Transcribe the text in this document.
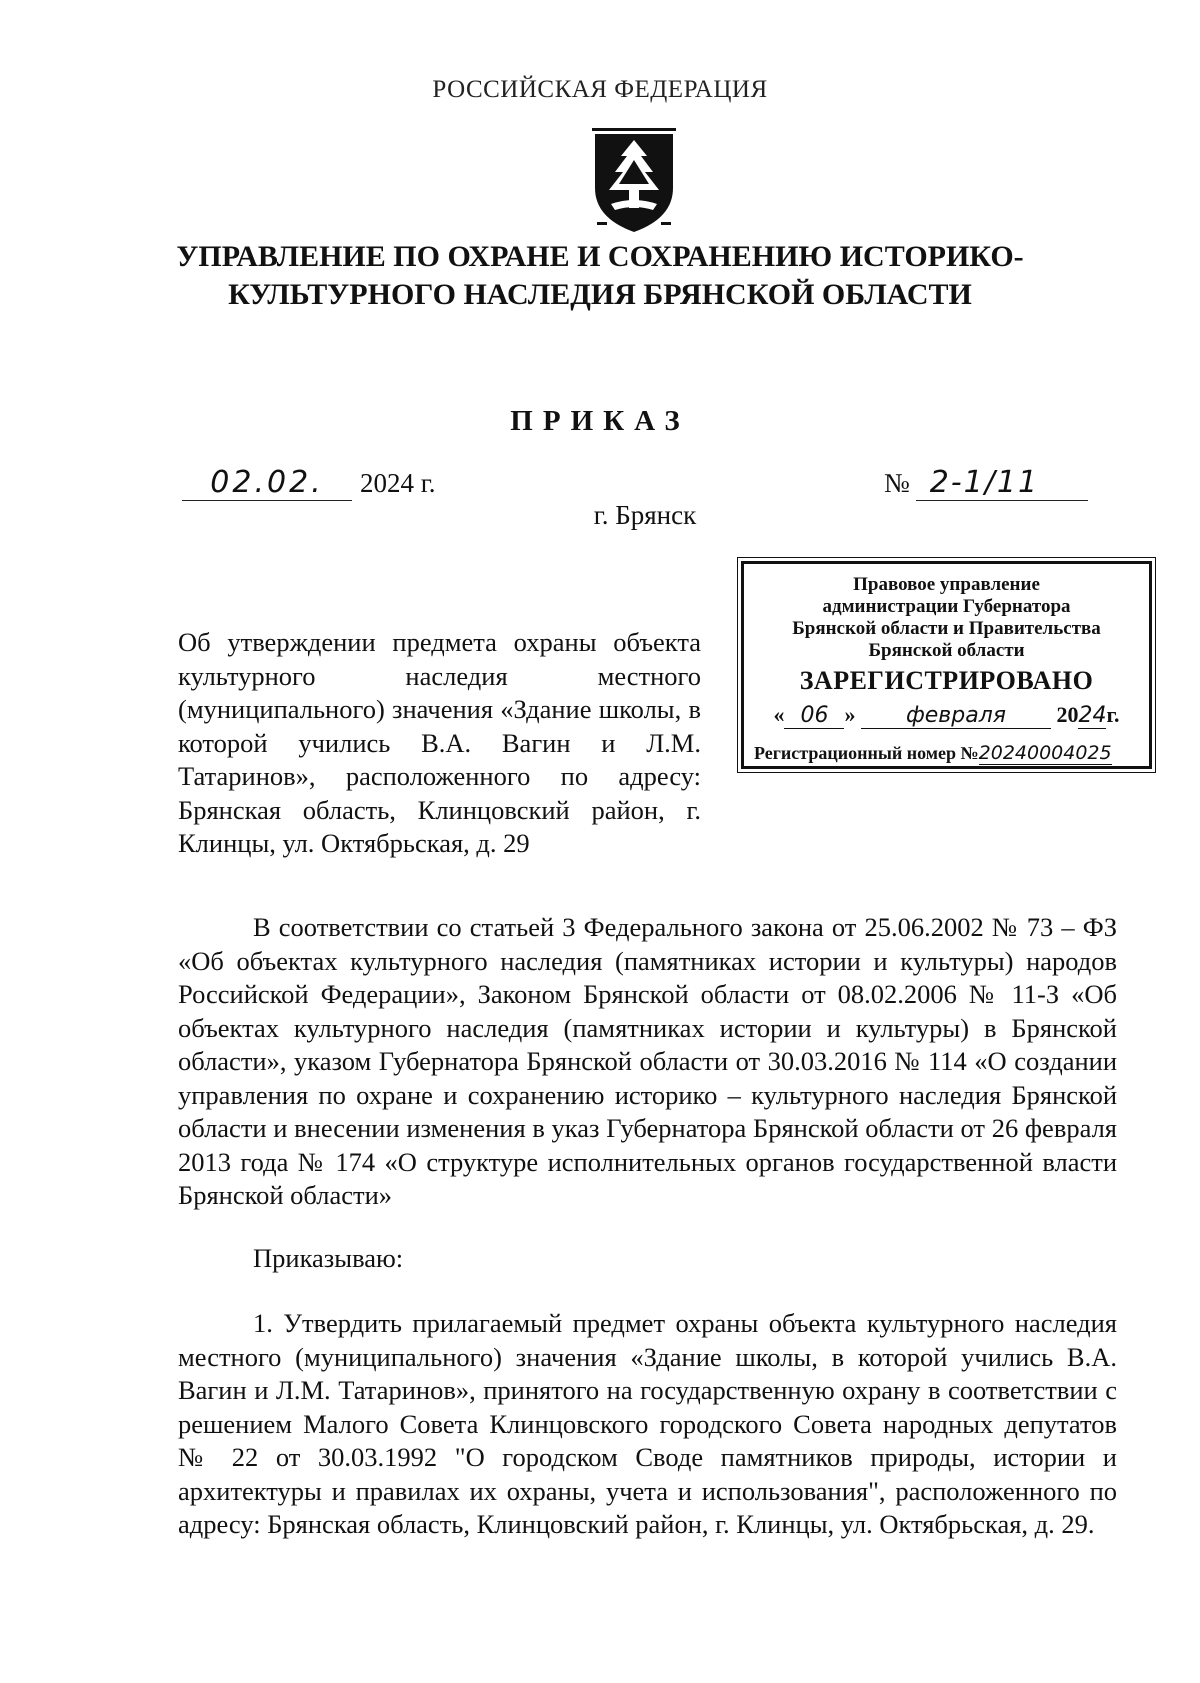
РОССИЙСКАЯ ФЕДЕРАЦИЯ
УПРАВЛЕНИЕ ПО ОХРАНЕ И СОХРАНЕНИЮ ИСТОРИКО-
КУЛЬТУРНОГО НАСЛЕДИЯ БРЯНСКОЙ ОБЛАСТИ
ПРИКАЗ
02.02. 2024 г.	№ 2-1/11
г. Брянск
Правовое управление
администрации Губернатора
Брянской области и Правительства
Брянской области
ЗАРЕГИСТРИРОВАНО
« 06 » февраля 2024г.
Регистрационный номер №20240004025
Об утверждении предмета охраны объекта культурного наследия местного (муниципального) значения «Здание школы, в которой учились В.А. Вагин и Л.М. Татаринов», расположенного по адресу: Брянская область, Клинцовский район, г. Клинцы, ул. Октябрьская, д. 29
В соответствии со статьей 3 Федерального закона от 25.06.2002 № 73 – ФЗ «Об объектах культурного наследия (памятниках истории и культуры) народов Российской Федерации», Законом Брянской области от 08.02.2006 № 11-З «Об объектах культурного наследия (памятниках истории и культуры) в Брянской области», указом Губернатора Брянской области от 30.03.2016 № 114 «О создании управления по охране и сохранению историко – культурного наследия Брянской области и внесении изменения в указ Губернатора Брянской области от 26 февраля 2013 года № 174 «О структуре исполнительных органов государственной власти Брянской области»
Приказываю:
1. Утвердить прилагаемый предмет охраны объекта культурного наследия местного (муниципального) значения «Здание школы, в которой учились В.А. Вагин и Л.М. Татаринов», принятого на государственную охрану в соответствии с решением Малого Совета Клинцовского городского Совета народных депутатов № 22 от 30.03.1992 "О городском Своде памятников природы, истории и архитектуры и правилах их охраны, учета и использования", расположенного по адресу: Брянская область, Клинцовский район, г. Клинцы, ул. Октябрьская, д. 29.
